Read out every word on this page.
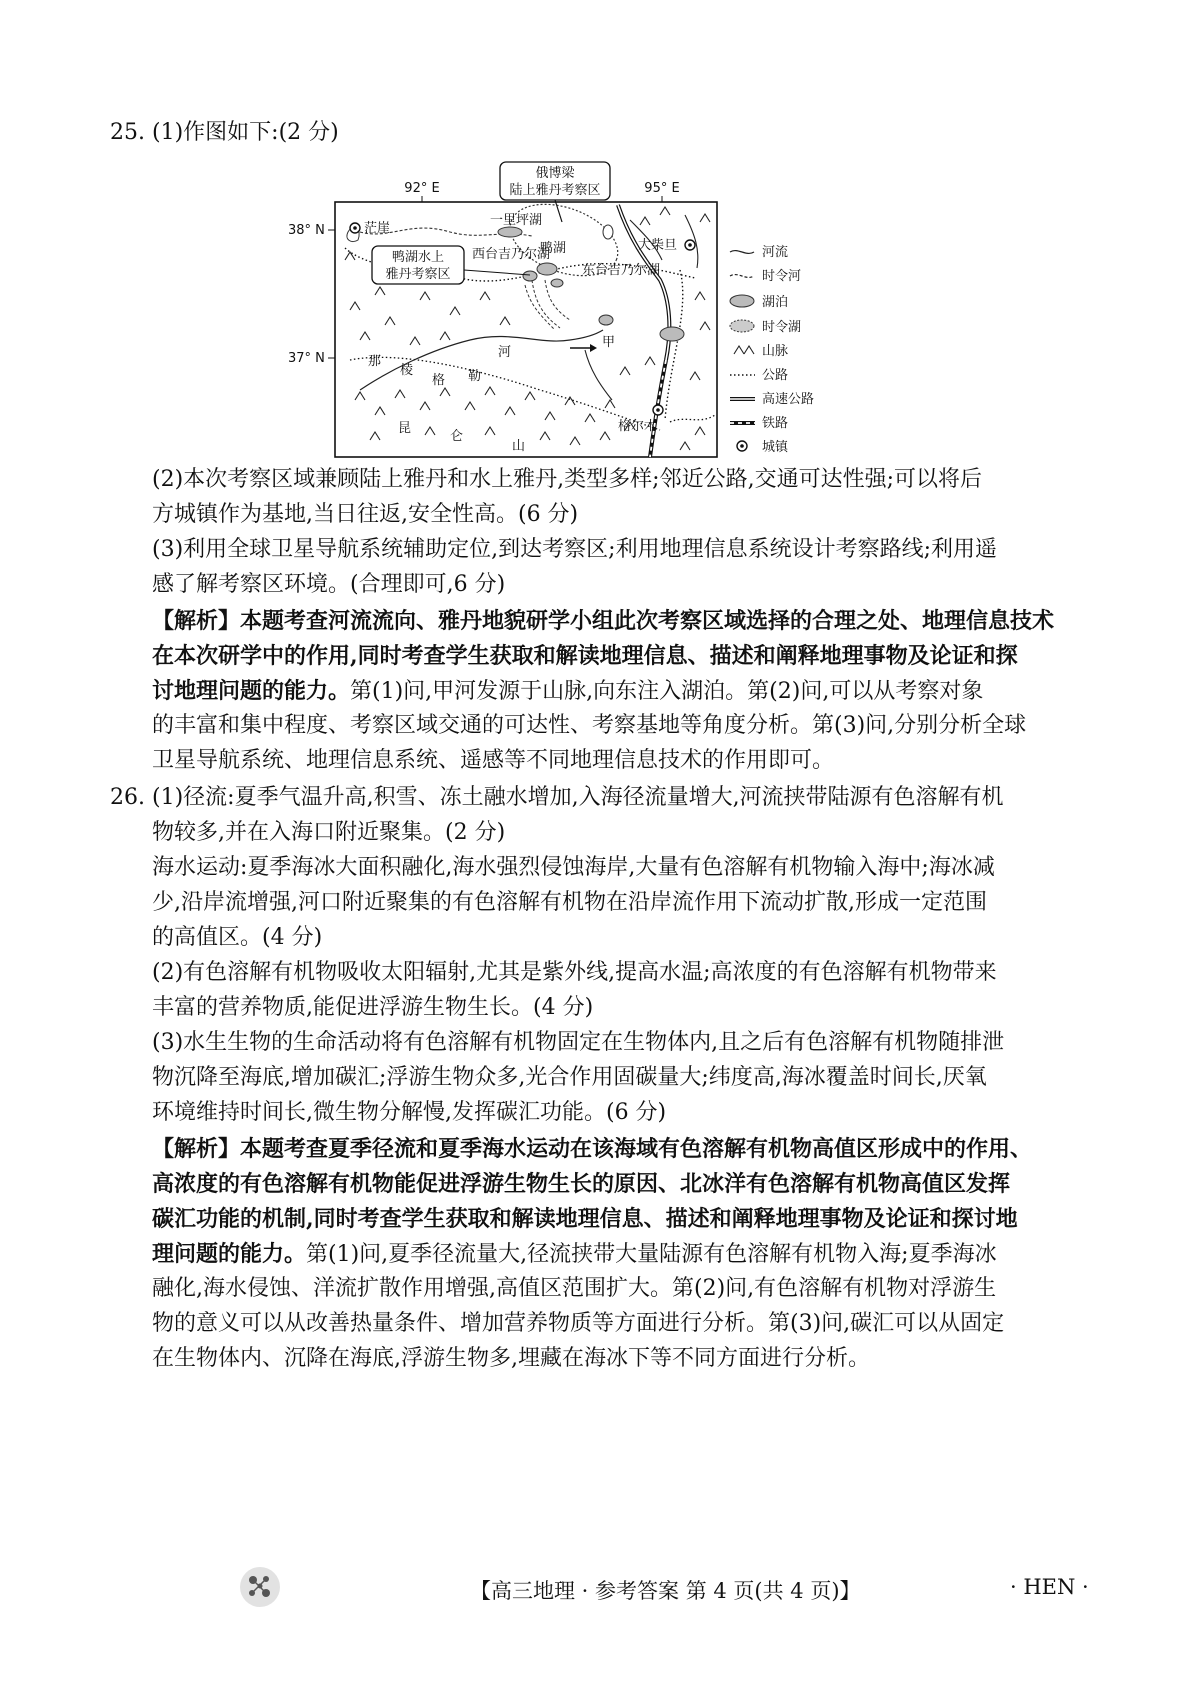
25. (1)作图如下:(2 分)
俄博梁
陆上雅丹考察区
92° E	95° E
38° N
37° N
茫崖
大柴旦
格尔木
一里坪湖
西台吉乃尔湖
鸭湖
东台吉乃尔湖
甲
鸭湖水上
雅丹考察区
那
棱
格 勒
河
昆
仑
山
河流
时令河
湖泊
时令湖
山脉
公路
高速公路
铁路
城镇
(2)本次考察区域兼顾陆上雅丹和水上雅丹,类型多样;邻近公路,交通可达性强;可以将后
方城镇作为基地,当日往返,安全性高。(6 分)
(3)利用全球卫星导航系统辅助定位,到达考察区;利用地理信息系统设计考察路线;利用遥
感了解考察区环境。(合理即可,6 分)
【解析】本题考查河流流向、雅丹地貌研学小组此次考察区域选择的合理之处、地理信息技术
在本次研学中的作用,同时考查学生获取和解读地理信息、描述和阐释地理事物及论证和探
讨地理问题的能力。第(1)问,甲河发源于山脉,向东注入湖泊。第(2)问,可以从考察对象
的丰富和集中程度、考察区域交通的可达性、考察基地等角度分析。第(3)问,分别分析全球
卫星导航系统、地理信息系统、遥感等不同地理信息技术的作用即可。
26. (1)径流:夏季气温升高,积雪、冻土融水增加,入海径流量增大,河流挟带陆源有色溶解有机
物较多,并在入海口附近聚集。(2 分)
海水运动:夏季海冰大面积融化,海水强烈侵蚀海岸,大量有色溶解有机物输入海中;海冰减
少,沿岸流增强,河口附近聚集的有色溶解有机物在沿岸流作用下流动扩散,形成一定范围
的高值区。(4 分)
(2)有色溶解有机物吸收太阳辐射,尤其是紫外线,提高水温;高浓度的有色溶解有机物带来
丰富的营养物质,能促进浮游生物生长。(4 分)
(3)水生生物的生命活动将有色溶解有机物固定在生物体内,且之后有色溶解有机物随排泄
物沉降至海底,增加碳汇;浮游生物众多,光合作用固碳量大;纬度高,海冰覆盖时间长,厌氧
环境维持时间长,微生物分解慢,发挥碳汇功能。(6 分)
【解析】本题考查夏季径流和夏季海水运动在该海域有色溶解有机物高值区形成中的作用、
高浓度的有色溶解有机物能促进浮游生物生长的原因、北冰洋有色溶解有机物高值区发挥
碳汇功能的机制,同时考查学生获取和解读地理信息、描述和阐释地理事物及论证和探讨地
理问题的能力。第(1)问,夏季径流量大,径流挟带大量陆源有色溶解有机物入海;夏季海冰
融化,海水侵蚀、洋流扩散作用增强,高值区范围扩大。第(2)问,有色溶解有机物对浮游生
物的意义可以从改善热量条件、增加营养物质等方面进行分析。第(3)问,碳汇可以从固定
在生物体内、沉降在海底,浮游生物多,埋藏在海冰下等不同方面进行分析。
【高三地理 · 参考答案 第 4 页(共 4 页)】	· HEN ·
